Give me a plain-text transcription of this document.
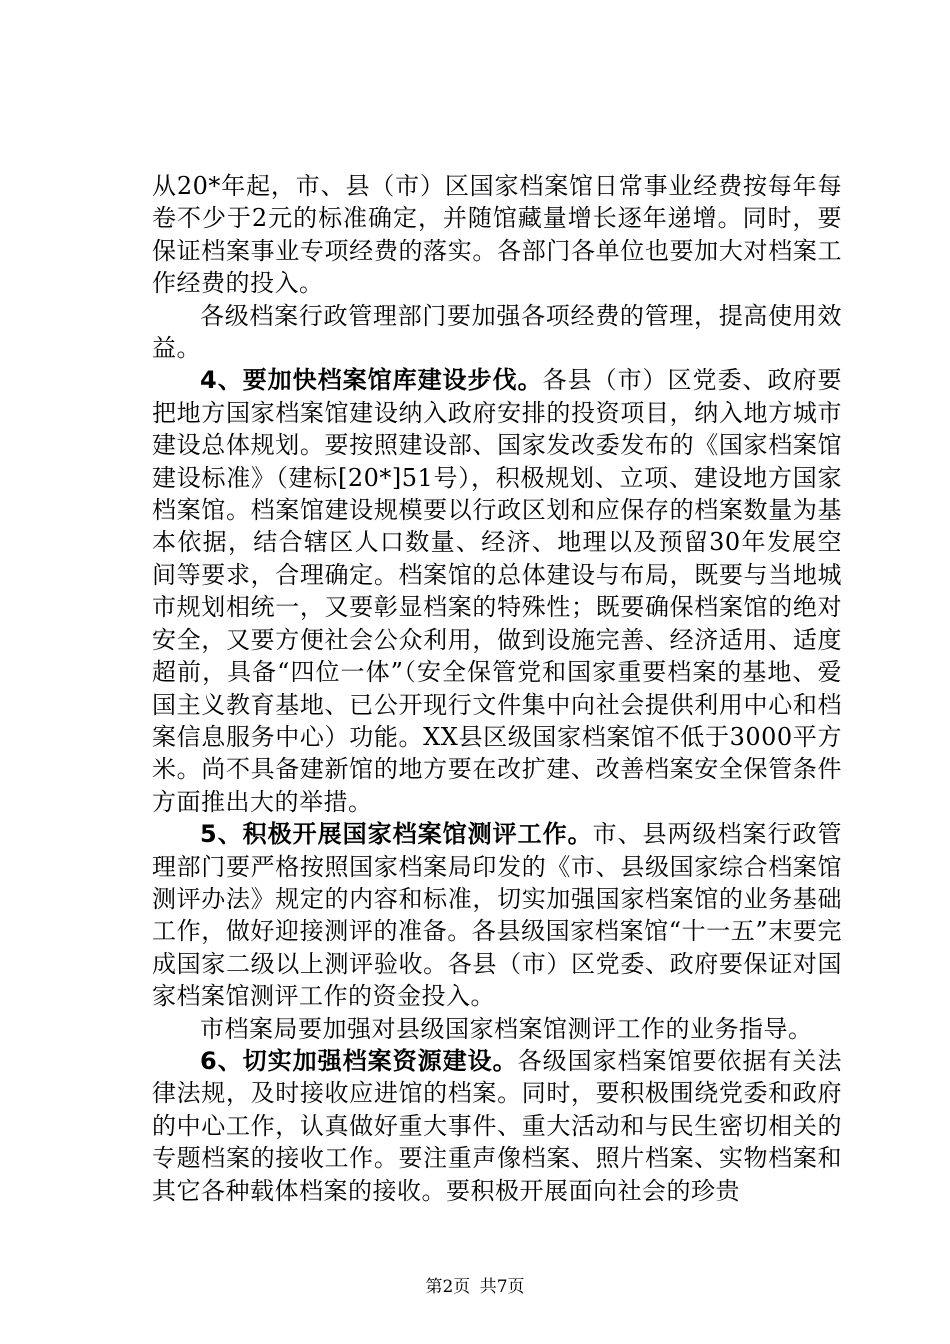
从20*年起，市、县（市）区国家档案馆日常事业经费按每年每卷不少于2元的标准确定，并随馆藏量增长逐年递增。同时，要保证档案事业专项经费的落实。各部门各单位也要加大对档案工作经费的投入。

各级档案行政管理部门要加强各项经费的管理，提高使用效益。

4、要加快档案馆库建设步伐。各县（市）区党委、政府要把地方国家档案馆建设纳入政府安排的投资项目，纳入地方城市建设总体规划。要按照建设部、国家发改委发布的《国家档案馆建设标准》（建标[20*]51号），积极规划、立项、建设地方国家档案馆。档案馆建设规模要以行政区划和应保存的档案数量为基本依据，结合辖区人口数量、经济、地理以及预留30年发展空间等要求，合理确定。档案馆的总体建设与布局，既要与当地城市规划相统一，又要彰显档案的特殊性；既要确保档案馆的绝对安全，又要方便社会公众利用，做到设施完善、经济适用、适度超前，具备“四位一体”（安全保管党和国家重要档案的基地、爱国主义教育基地、已公开现行文件集中向社会提供利用中心和档案信息服务中心）功能。XX县区级国家档案馆不低于3000平方米。尚不具备建新馆的地方要在改扩建、改善档案安全保管条件方面推出大的举措。

5、积极开展国家档案馆测评工作。市、县两级档案行政管理部门要严格按照国家档案局印发的《市、县级国家综合档案馆测评办法》规定的内容和标准，切实加强国家档案馆的业务基础工作，做好迎接测评的准备。各县级国家档案馆“十一五”末要完成国家二级以上测评验收。各县（市）区党委、政府要保证对国家档案馆测评工作的资金投入。

市档案局要加强对县级国家档案馆测评工作的业务指导。

6、切实加强档案资源建设。各级国家档案馆要依据有关法律法规，及时接收应进馆的档案。同时，要积极围绕党委和政府的中心工作，认真做好重大事件、重大活动和与民生密切相关的专题档案的接收工作。要注重声像档案、照片档案、实物档案和其它各种载体档案的接收。要积极开展面向社会的珍贵

第2页 共7页
